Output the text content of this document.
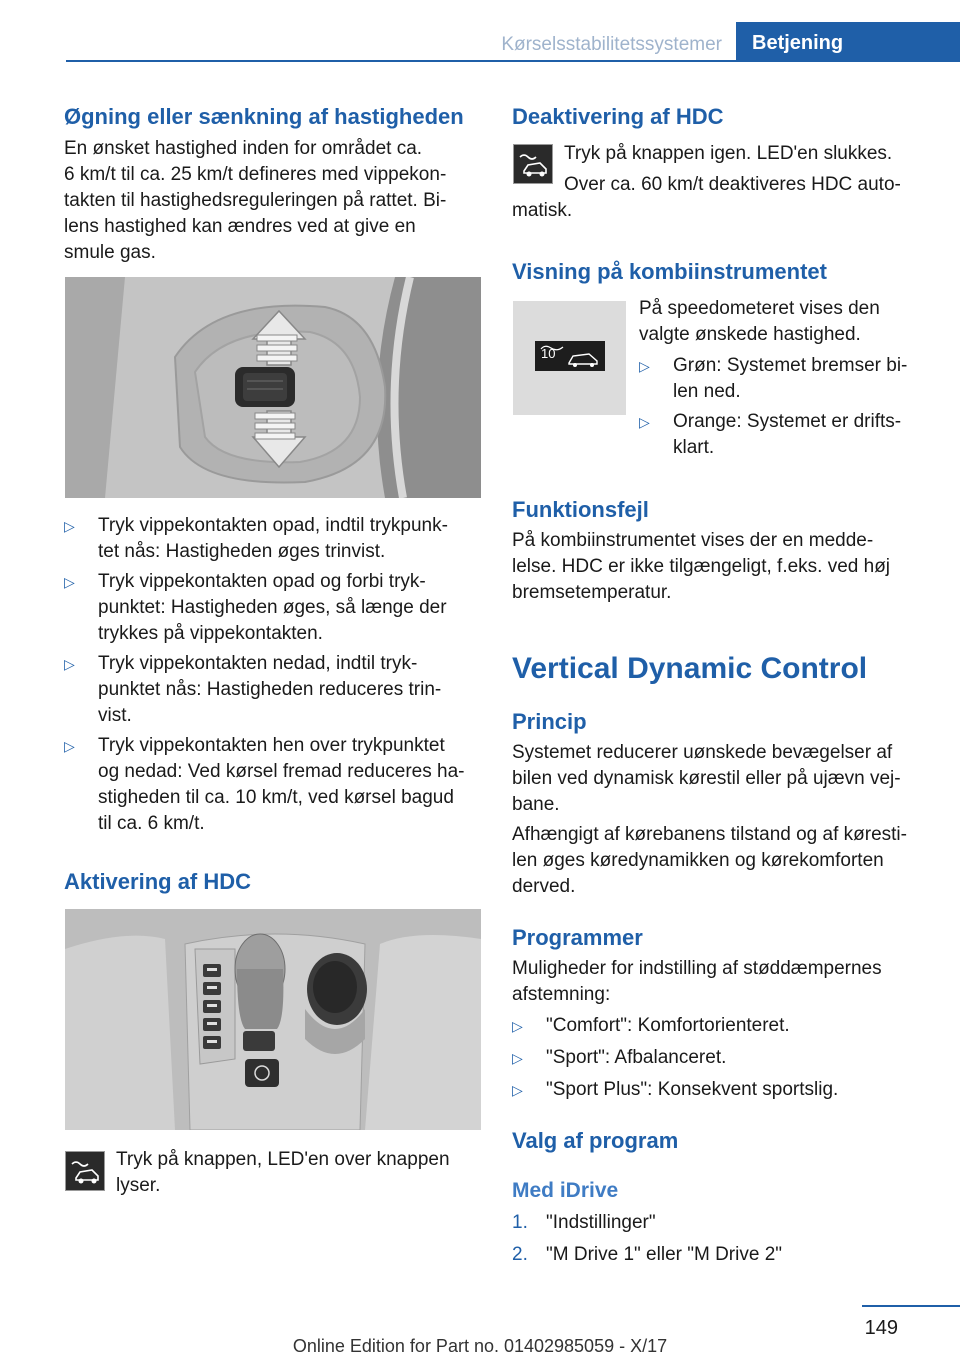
Kørselsstabilitetssystemer	Betjening
Øgning eller sænkning af hastigheden
En ønsket hastighed inden for området ca.
6 km/t til ca. 25 km/t defineres med vippekon-
takten til hastighedsreguleringen på rattet. Bi-
lens hastighed kan ændres ved at give en
smule gas.
▷	Tryk vippekontakten opad, indtil trykpunk-
tet nås: Hastigheden øges trinvist.
▷	Tryk vippekontakten opad og forbi tryk-
punktet: Hastigheden øges, så længe der
trykkes på vippekontakten.
▷	Tryk vippekontakten nedad, indtil tryk-
punktet nås: Hastigheden reduceres trin-
vist.
▷	Tryk vippekontakten hen over trykpunktet
og nedad: Ved kørsel fremad reduceres ha-
stigheden til ca. 10 km/t, ved kørsel bagud
til ca. 6 km/t.
Aktivering af HDC
Tryk på knappen, LED'en over knappen
lyser.
Deaktivering af HDC
Tryk på knappen igen. LED'en slukkes.
Over ca. 60 km/t deaktiveres HDC auto-
matisk.
Visning på kombiinstrumentet
10
På speedometeret vises den
valgte ønskede hastighed.
▷	Grøn: Systemet bremser bi-
len ned.
▷	Orange: Systemet er drifts-
klart.
Funktionsfejl
På kombiinstrumentet vises der en medde-
lelse. HDC er ikke tilgængeligt, f.eks. ved høj
bremsetemperatur.
Vertical Dynamic Control
Princip
Systemet reducerer uønskede bevægelser af
bilen ved dynamisk kørestil eller på ujævn vej-
bane.
Afhængigt af kørebanens tilstand og af køresti-
len øges køredynamikken og kørekomforten
derved.
Programmer
Muligheder for indstilling af støddæmpernes
afstemning:
▷	"Comfort": Komfortorienteret.
▷	"Sport": Afbalanceret.
▷	"Sport Plus": Konsekvent sportslig.
Valg af program
Med iDrive
1. "Indstillinger"
2. "M Drive 1" eller "M Drive 2"
149
Online Edition for Part no. 01402985059 - X/17
